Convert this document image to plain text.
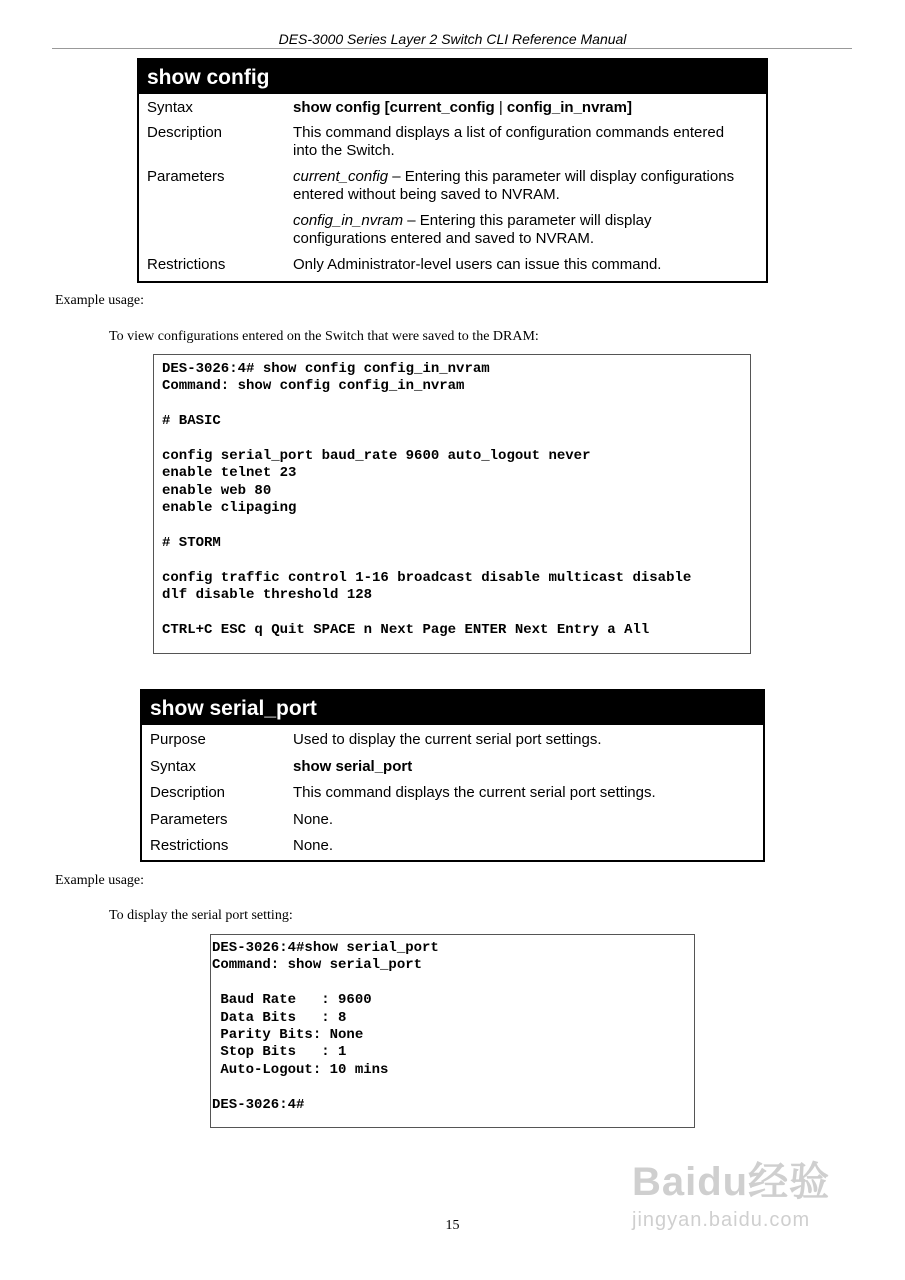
DES-3000 Series Layer 2 Switch CLI Reference Manual
show config
Syntax	show config [current_config | config_in_nvram]
Description	This command displays a list of configuration commands entered
into the Switch.
Parameters	current_config – Entering this parameter will display configurations
entered without being saved to NVRAM.
config_in_nvram – Entering this parameter will display
configurations entered and saved to NVRAM.
Restrictions	Only Administrator-level users can issue this command.
Example usage:
To view configurations entered on the Switch that were saved to the DRAM:
DES-3026:4# show config config_in_nvram
Command: show config config_in_nvram
# BASIC
config serial_port baud_rate 9600 auto_logout never
enable telnet 23
enable web 80
enable clipaging
# STORM
config traffic control 1-16 broadcast disable multicast disable
dlf disable threshold 128
CTRL+C ESC q Quit SPACE n Next Page ENTER Next Entry a All
show serial_port
Purpose	Used to display the current serial port settings.
Syntax	show serial_port
Description	This command displays the current serial port settings.
Parameters	None.
Restrictions	None.
Example usage:
To display the serial port setting:
DES-3026:4#show serial_port
Command: show serial_port
Baud Rate   : 9600
Data Bits   : 8
Parity Bits: None
Stop Bits   : 1
Auto-Logout: 10 mins
DES-3026:4#
15
Baidu经验
jingyan.baidu.com
